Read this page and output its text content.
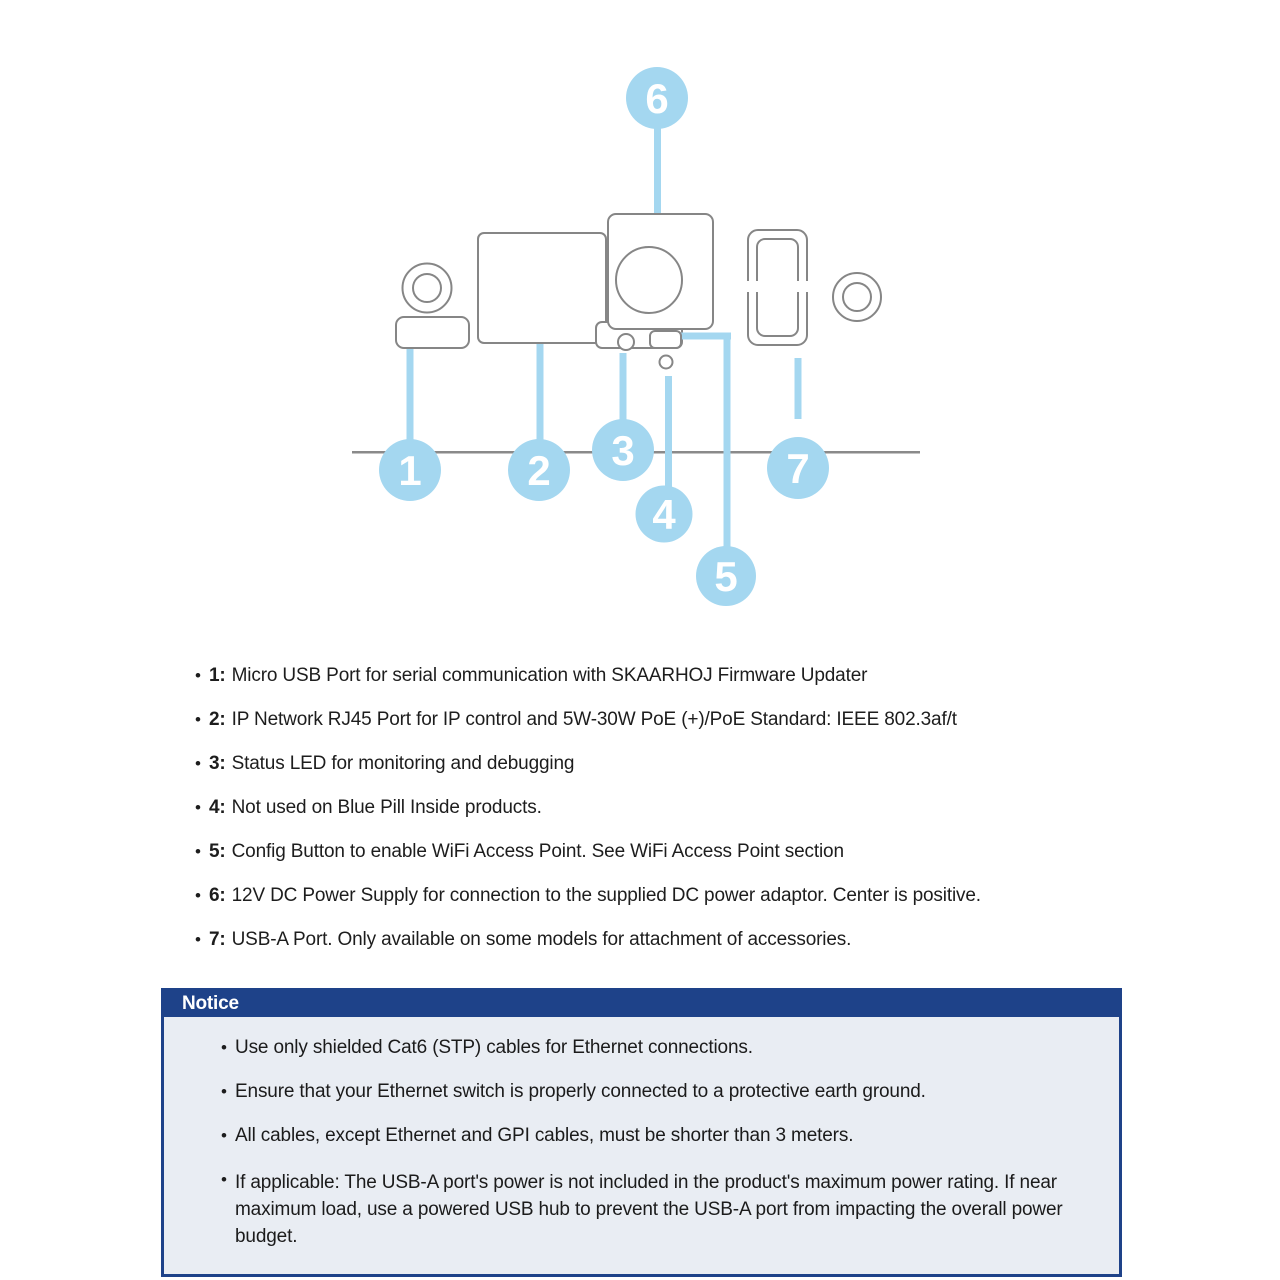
1	2 3
4
5
6
7
• 1: Micro USB Port for serial communication with SKAARHOJ Firmware Updater
• 2: IP Network RJ45 Port for IP control and 5W-30W PoE (+)/PoE Standard: IEEE 802.3af/t
• 3: Status LED for monitoring and debugging
• 4: Not used on Blue Pill Inside products.
• 5: Config Button to enable WiFi Access Point. See WiFi Access Point section
• 6: 12V DC Power Supply for connection to the supplied DC power adaptor. Center is positive.
• 7: USB-A Port. Only available on some models for attachment of accessories.
Notice
• Use only shielded Cat6 (STP) cables for Ethernet connections.
• Ensure that your Ethernet switch is properly connected to a protective earth ground.
• All cables, except Ethernet and GPI cables, must be shorter than 3 meters.
• If applicable: The USB-A port's power is not included in the product's maximum power rating. If near maximum load, use a powered USB hub to prevent the USB-A port from impacting the overall power budget.
